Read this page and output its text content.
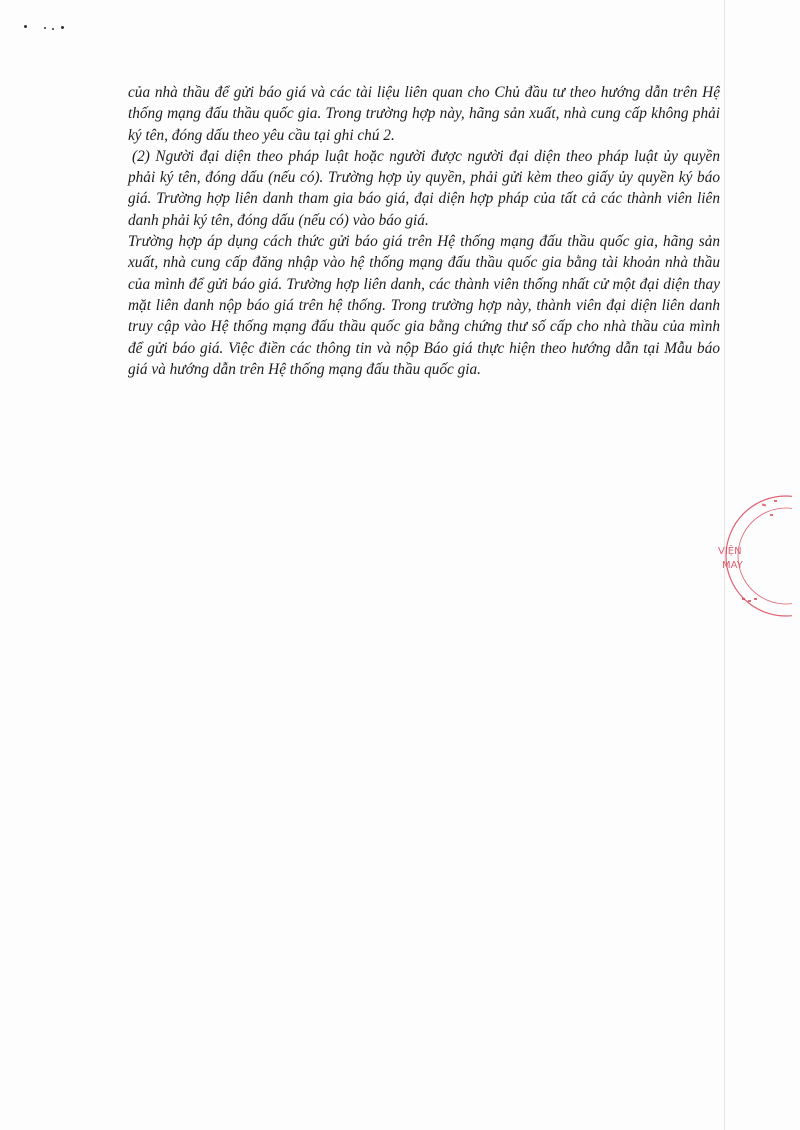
của nhà thầu để gửi báo giá và các tài liệu liên quan cho Chủ đầu tư theo hướng dẫn trên Hệ thống mạng đấu thầu quốc gia. Trong trường hợp này, hãng sản xuất, nhà cung cấp không phải ký tên, đóng dấu theo yêu cầu tại ghi chú 2.

(2) Người đại diện theo pháp luật hoặc người được người đại diện theo pháp luật ủy quyền phải ký tên, đóng dấu (nếu có). Trường hợp ủy quyền, phải gửi kèm theo giấy ủy quyền ký báo giá. Trường hợp liên danh tham gia báo giá, đại diện hợp pháp của tất cả các thành viên liên danh phải ký tên, đóng dấu (nếu có) vào báo giá.

Trường hợp áp dụng cách thức gửi báo giá trên Hệ thống mạng đấu thầu quốc gia, hãng sản xuất, nhà cung cấp đăng nhập vào hệ thống mạng đấu thầu quốc gia bằng tài khoản nhà thầu của mình để gửi báo giá. Trường hợp liên danh, các thành viên thống nhất cử một đại diện thay mặt liên danh nộp báo giá trên hệ thống. Trong trường hợp này, thành viên đại diện liên danh truy cập vào Hệ thống mạng đấu thầu quốc gia bằng chứng thư số cấp cho nhà thầu của mình để gửi báo giá. Việc điền các thông tin và nộp Báo giá thực hiện theo hướng dẫn tại Mẫu báo giá và hướng dẫn trên Hệ thống mạng đấu thầu quốc gia.

VIỆN
MAY
